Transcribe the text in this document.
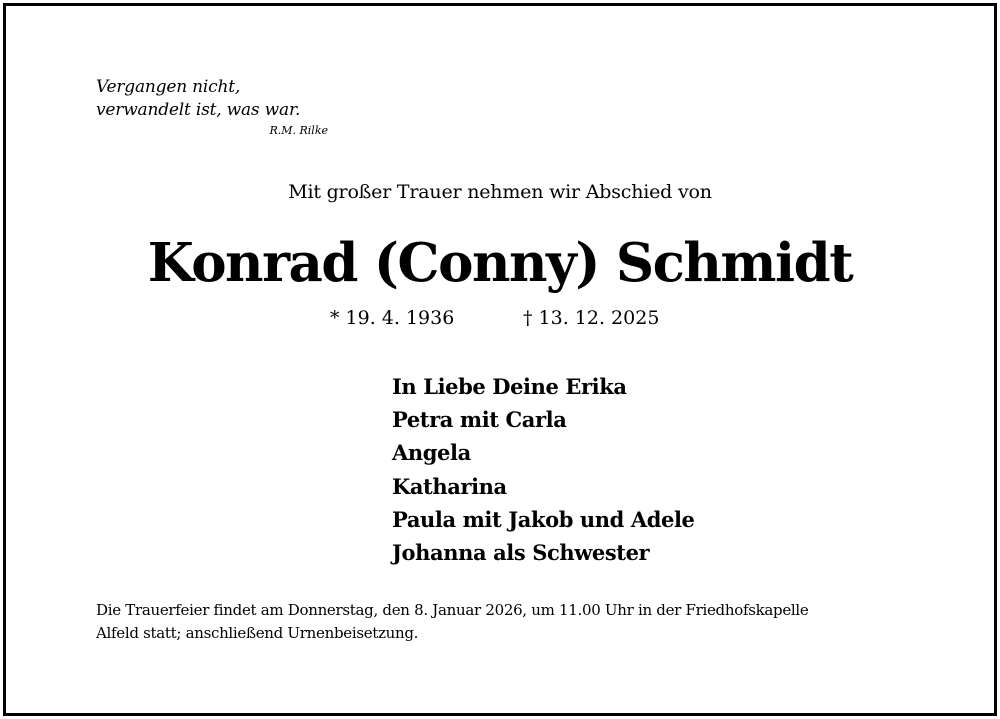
Vergangen nicht,
verwandelt ist, was war.
R.M. Rilke
Mit großer Trauer nehmen wir Abschied von
Konrad (Conny) Schmidt
* 19. 4. 1936	† 13. 12. 2025
In Liebe Deine Erika
Petra mit Carla
Angela
Katharina
Paula mit Jakob und Adele
Johanna als Schwester
Die Trauerfeier findet am Donnerstag, den 8. Januar 2026, um 11.00 Uhr in der Friedhofskapelle
Alfeld statt; anschließend Urnenbeisetzung.
